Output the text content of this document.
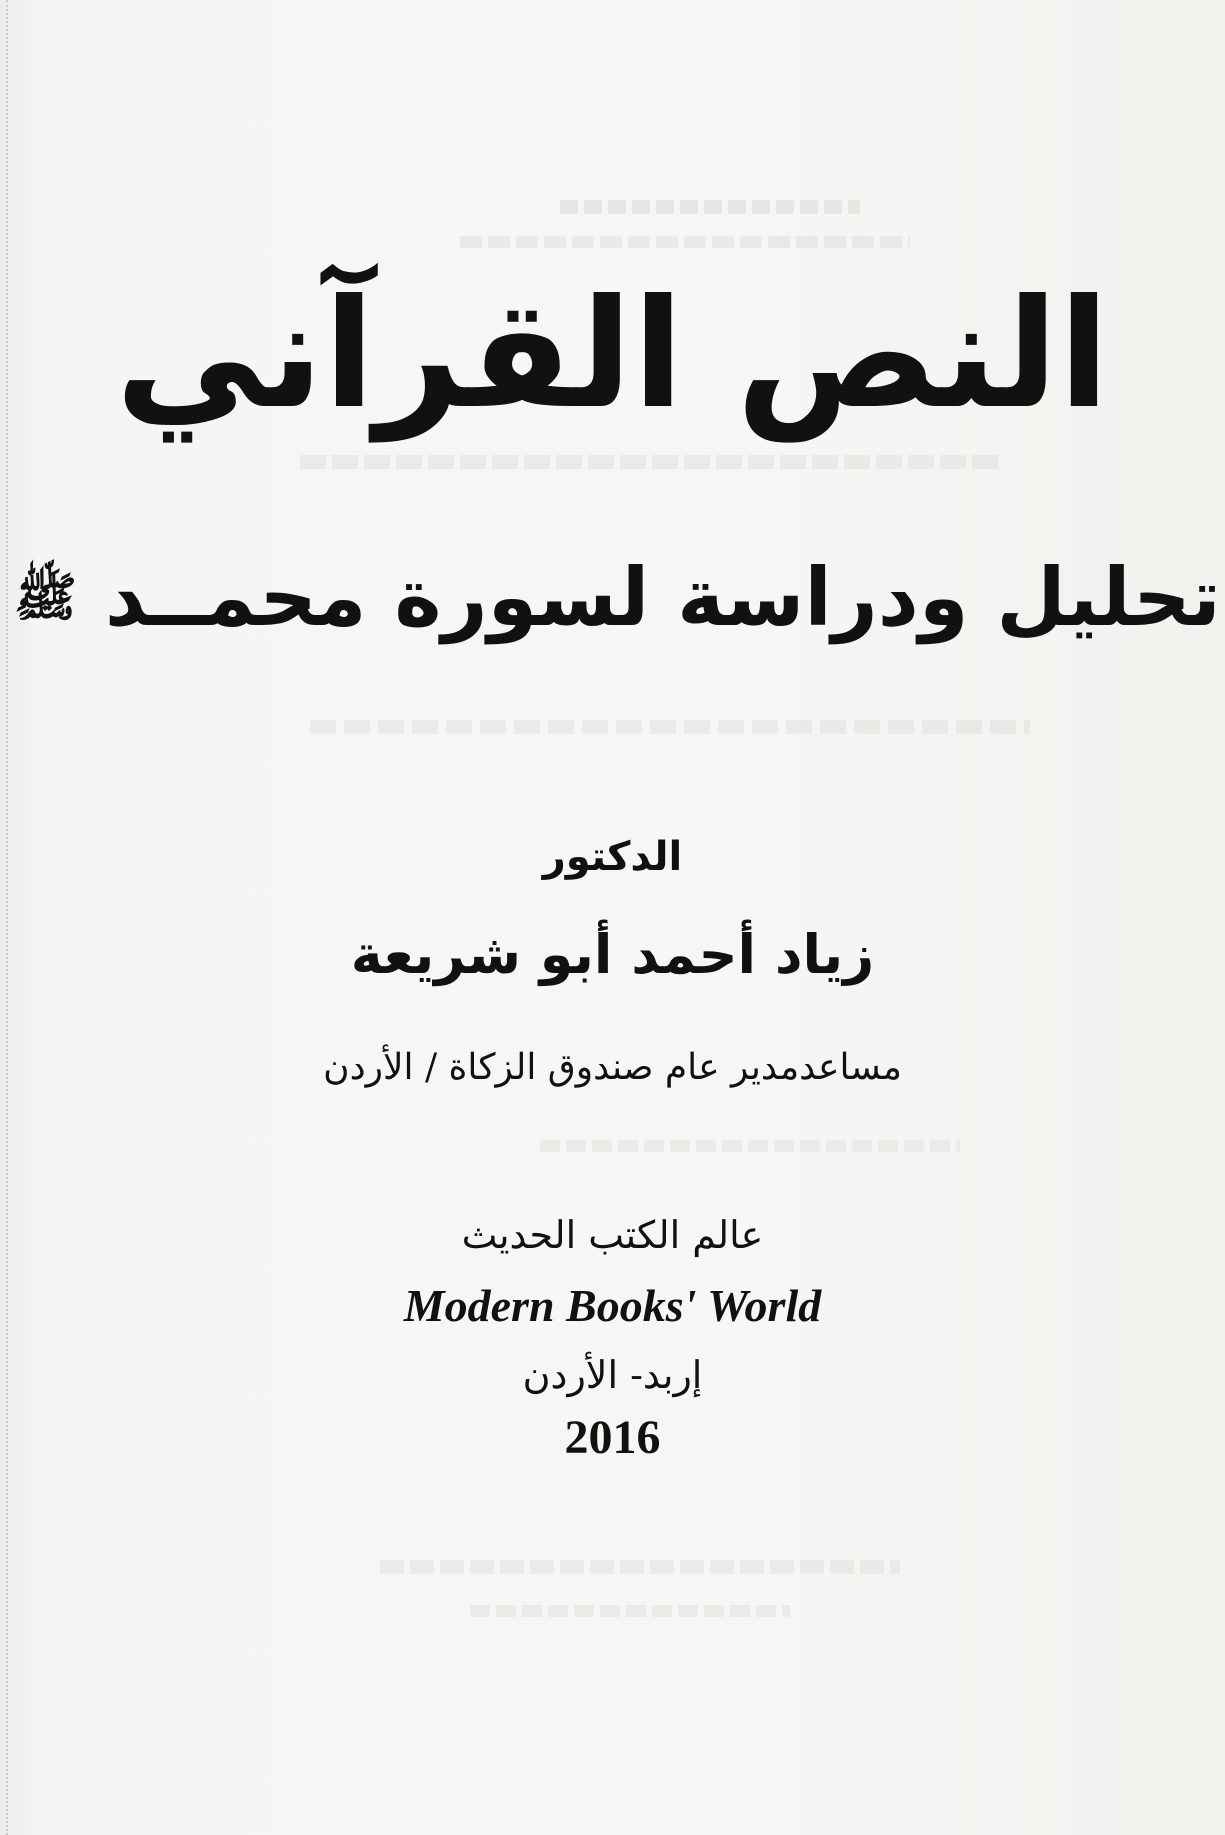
النص القرآني
تحليل ودراسة لسورة محمــد ﷺ
الدكتور
زياد أحمد أبو شريعة
مساعدمدير عام صندوق الزكاة / الأردن
عالم الكتب الحديث
Modern Books' World
إربد- الأردن
2016
